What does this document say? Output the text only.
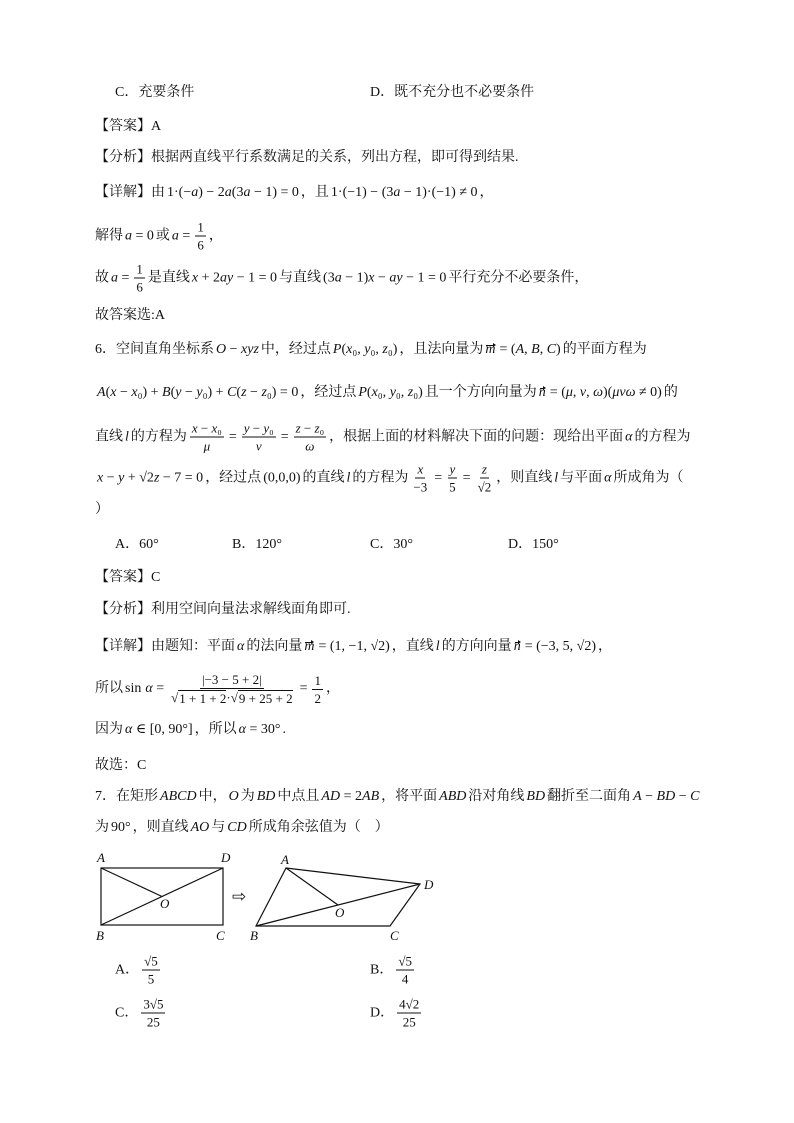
C．充要条件	D．既不充分也不必要条件
【答案】 A
【分析】 根据两直线平行系数满足的关系，列出方程，即可得到结果.
【详解】 由 1·(−a) − 2a(3a − 1) = 0 ，且 1·(−1) − (3a − 1)·(−1) ≠ 0 ，
解得 a = 0 或 $a = \frac{1}{6}$ ，
故 $a = \frac{1}{6}$ 是直线 x + 2ay − 1 = 0 与直线 (3a − 1)x − ay − 1 = 0 平行充分不必要条件，
故答案选:A
6．空间直角坐标系 O − xyz 中，经过点 P(x₀, y₀, z₀) ，且法向量为 m = (A, B, C) 的平面方程为
A(x − x₀) + B(y − y₀) + C(z − z₀) = 0 ，经过点 P(x₀, y₀, z₀) 且一个方向向量为 n = (μ, ν, ω)(μνω ≠ 0) 的
直线 l 的方程为 $\frac{\text{x − x₀}}{\mu} = \frac{\text{y − y₀}}{\nu} = \frac{\text{z − z₀}}{\omega}$ ，根据上面的材料解决下面的问题：现给出平面 α 的方程为
x − y + √2z − 7 = 0 ，经过点 (0,0,0) 的直线 l 的方程为 $\frac{x}{-3} = \frac{y}{5} = \frac{z}{√2}$ ，则直线 l 与平面 α 所成角为（
）
A．60°	B．120°	C．30°	D．150°
【答案】 C
【分析】 利用空间向量法求解线面角即可.
【详解】 由题知：平面 α 的法向量 m = (1, −1, √2) ，直线 l 的方向向量 n = (−3, 5, √2) ，
所以 $\sin \alpha = \frac{|-3 - 5 + 2|}{√ 1 + 1 + 2 \cdot √ 9 + 25 + 2} = \frac{1}{2}$ ，
因为 α ∈ [0, 90°] ，所以 α = 30° .
故选：C
7．在矩形 ABCD 中， O 为 BD 中点且 AD = 2AB ，将平面 ABD 沿对角线 BD 翻折至二面角 A − BD − C
为 90° ，则直线 AO 与 CD 所成角余弦值为（　）
A	D
O
B	C
⇨
A
D
O
B	C
A． $\frac{√5}{5}$	B． $\frac{√5}{4}$
C． $\frac{3√5}{25}$	D． $\frac{4√2}{25}$
